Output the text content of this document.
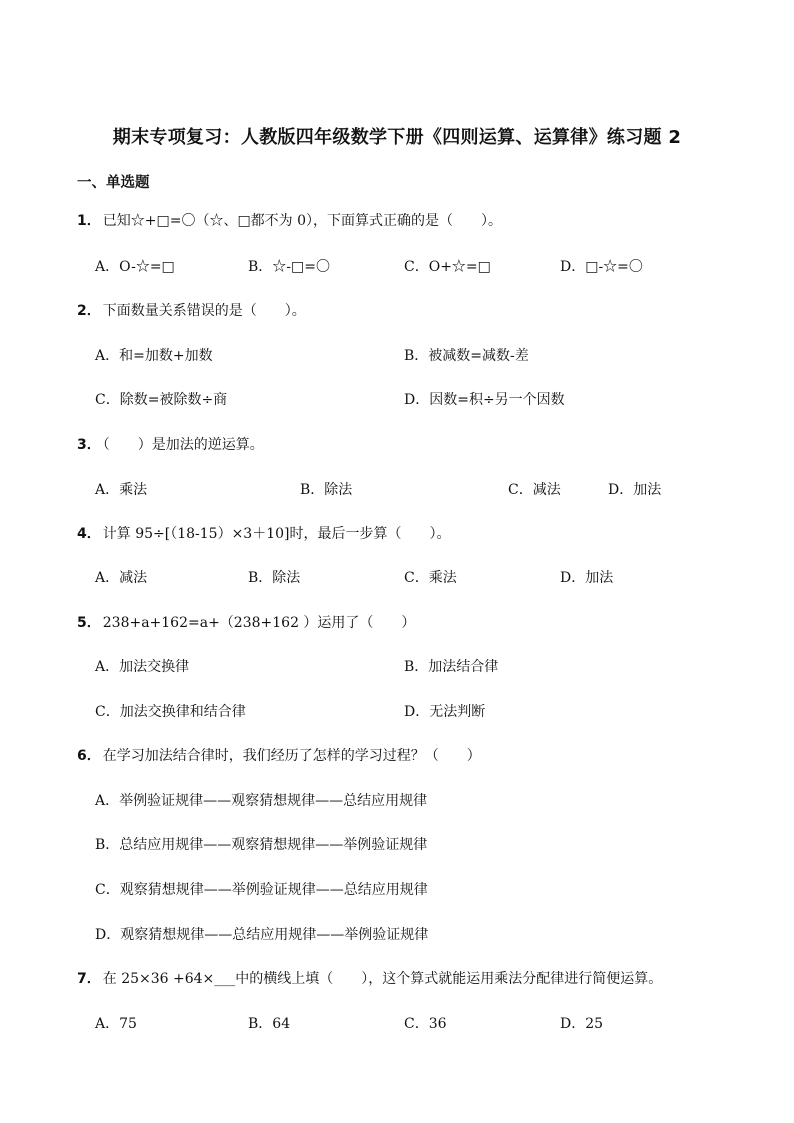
期末专项复习：人教版四年级数学下册《四则运算、运算律》练习题 2
一、单选题
1． 已知☆+□=〇（☆、□都不为 0），下面算式正确的是（　　）。
A．O-☆=□	B．☆-□=〇	C．O+☆=□	D．□-☆=〇
2． 下面数量关系错误的是（　　）。
A．和=加数+加数	B．被减数=减数-差
C．除数=被除数÷商	D．因数=积÷另一个因数
3． （　　）是加法的逆运算。
A．乘法	B．除法	C．减法	D．加法
4． 计算 95÷[（18-15）×3＋10]时，最后一步算（　　）。
A．减法	B．除法	C．乘法	D．加法
5． 238+a+162=a+（238+162 ）运用了（　　）
A．加法交换律	B．加法结合律
C．加法交换律和结合律	D．无法判断
6． 在学习加法结合律时，我们经历了怎样的学习过程？（　　）
A．举例验证规律——观察猜想规律——总结应用规律
B．总结应用规律——观察猜想规律——举例验证规律
C．观察猜想规律——举例验证规律——总结应用规律
D．观察猜想规律——总结应用规律——举例验证规律
7． 在 25×36 +64×___中的横线上填（　　），这个算式就能运用乘法分配律进行简便运算。
A．75	B．64	C．36	D．25
